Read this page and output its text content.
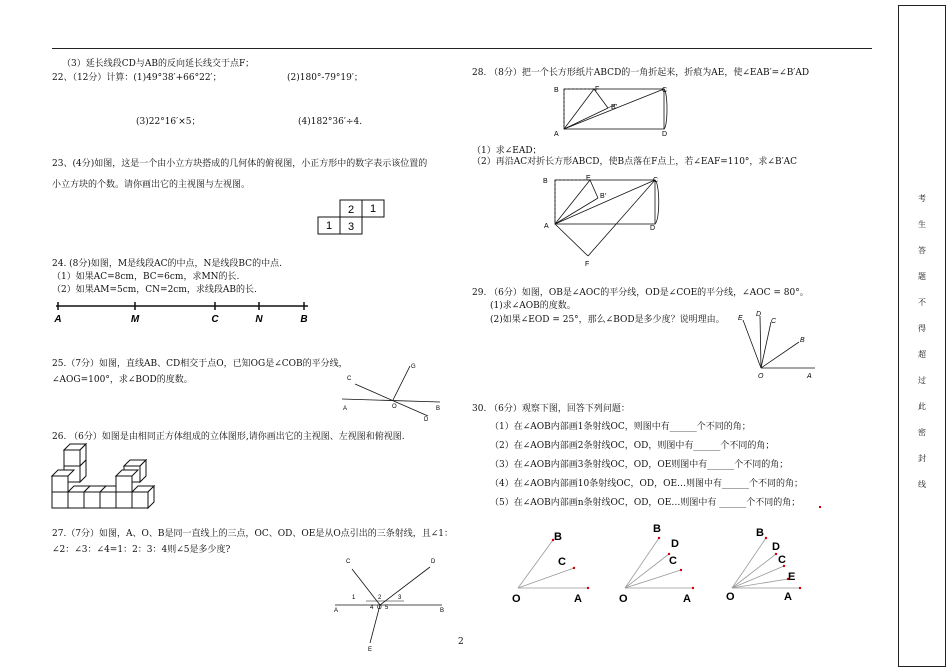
（3）延长线段CD与AB的反向延长线交于点F；
22、（12分）计算：(1)49°38′+66°22′；	(2)180°-79°19′；
(3)22°16′×5；	(4)182°36′÷4.
23、(4分)如图，这是一个由小立方块搭成的几何体的俯视图，小正方形中的数字表示该位置的
小立方块的个数。请你画出它的主视图与左视图。
2 1
1 3
24. (8分)如图，M是线段AC的中点，N是线段BC的中点.
（1）如果AC=8cm，BC=6cm，求MN的长.
（2）如果AM=5cm，CN=2cm，求线段AB的长.
A	M	C	N	B
25.（7分）如图，直线AB、CD相交于点O，已知OG是∠COB的平分线，
∠AOG=100°，求∠BOD的度数。
G
C
O
A	B
D
26. （6分）如图是由相同正方体组成的立体图形,请你画出它的主视图、左视图和俯视图.
27.（7分）如图，A、O、B是同一直线上的三点，OC、OD、OE是从O点引出的三条射线，且∠1：
∠2：∠3：∠4=1：2：3：4则∠5是多少度?
C	D
1	2	3
A	4 O 5	B
E
28. （8分）把一个长方形纸片ABCD的一角折起来，折痕为AE，使∠EAB′=∠B′AD
B	F	C
B′
A	D
（1）求∠EAD；
（2）再沿AC对折长方形ABCD，使B点落在F点上，若∠EAF=110°，求∠B′AC
B	E	C
B′
A	D
F
29. （6分）如图，OB是∠AOC的平分线，OD是∠COE的平分线，∠AOC = 80°。
(1)求∠AOB的度数。
(2)如果∠EOD = 25°，那么∠BOD是多少度？说明理由。 E
D
C
B
O	A
30. （6分）观察下图，回答下列问题：
（1）在∠AOB内部画1条射线OC，则图中有______个不同的角；
（2）在∠AOB内部画2条射线OC，OD，则图中有______个不同的角；
（3）在∠AOB内部画3条射线OC，OD，OE则图中有______个不同的角；
（4）在∠AOB内部画10条射线OC，OD，OE…则图中有______个不同的角；
（5）在∠AOB内部画n条射线OC，OD，OE…则图中有 ______个不同的角；
B
C
O	A
B
D
C
O	A
B
D
C
E
O	A
2
考
生
答
题
不
得
超
过
此
密
封
线
